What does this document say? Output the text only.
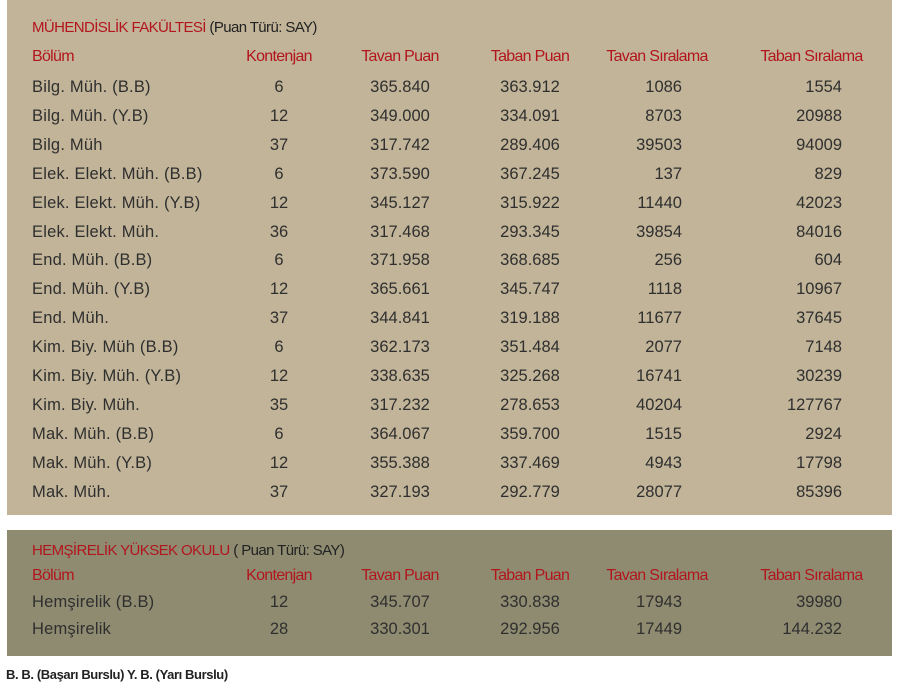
MÜHENDİSLİK FAKÜLTESİ (Puan Türü: SAY)
Bölüm	Kontenjan	Tavan Puan	Taban Puan	Tavan Sıralama	Taban Sıralama
Bilg. Müh. (B.B)	6	365.840	363.912	1086	1554
Bilg. Müh. (Y.B)	12	349.000	334.091	8703	20988
Bilg. Müh	37	317.742	289.406	39503	94009
Elek. Elekt. Müh. (B.B)	6	373.590	367.245	137	829
Elek. Elekt. Müh. (Y.B)	12	345.127	315.922	11440	42023
Elek. Elekt. Müh.	36	317.468	293.345	39854	84016
End. Müh. (B.B)	6	371.958	368.685	256	604
End. Müh. (Y.B)	12	365.661	345.747	1118	10967
End. Müh.	37	344.841	319.188	11677	37645
Kim. Biy. Müh (B.B)	6	362.173	351.484	2077	7148
Kim. Biy. Müh. (Y.B)	12	338.635	325.268	16741	30239
Kim. Biy. Müh.	35	317.232	278.653	40204	127767
Mak. Müh. (B.B)	6	364.067	359.700	1515	2924
Mak. Müh. (Y.B)	12	355.388	337.469	4943	17798
Mak. Müh.	37	327.193	292.779	28077	85396
HEMŞİRELİK YÜKSEK OKULU ( Puan Türü: SAY)
Bölüm	Kontenjan	Tavan Puan	Taban Puan	Tavan Sıralama	Taban Sıralama
Hemşirelik (B.B)	12	345.707	330.838	17943	39980
Hemşirelik	28	330.301	292.956	17449	144.232
B. B. (Başarı Burslu) Y. B. (Yarı Burslu)
